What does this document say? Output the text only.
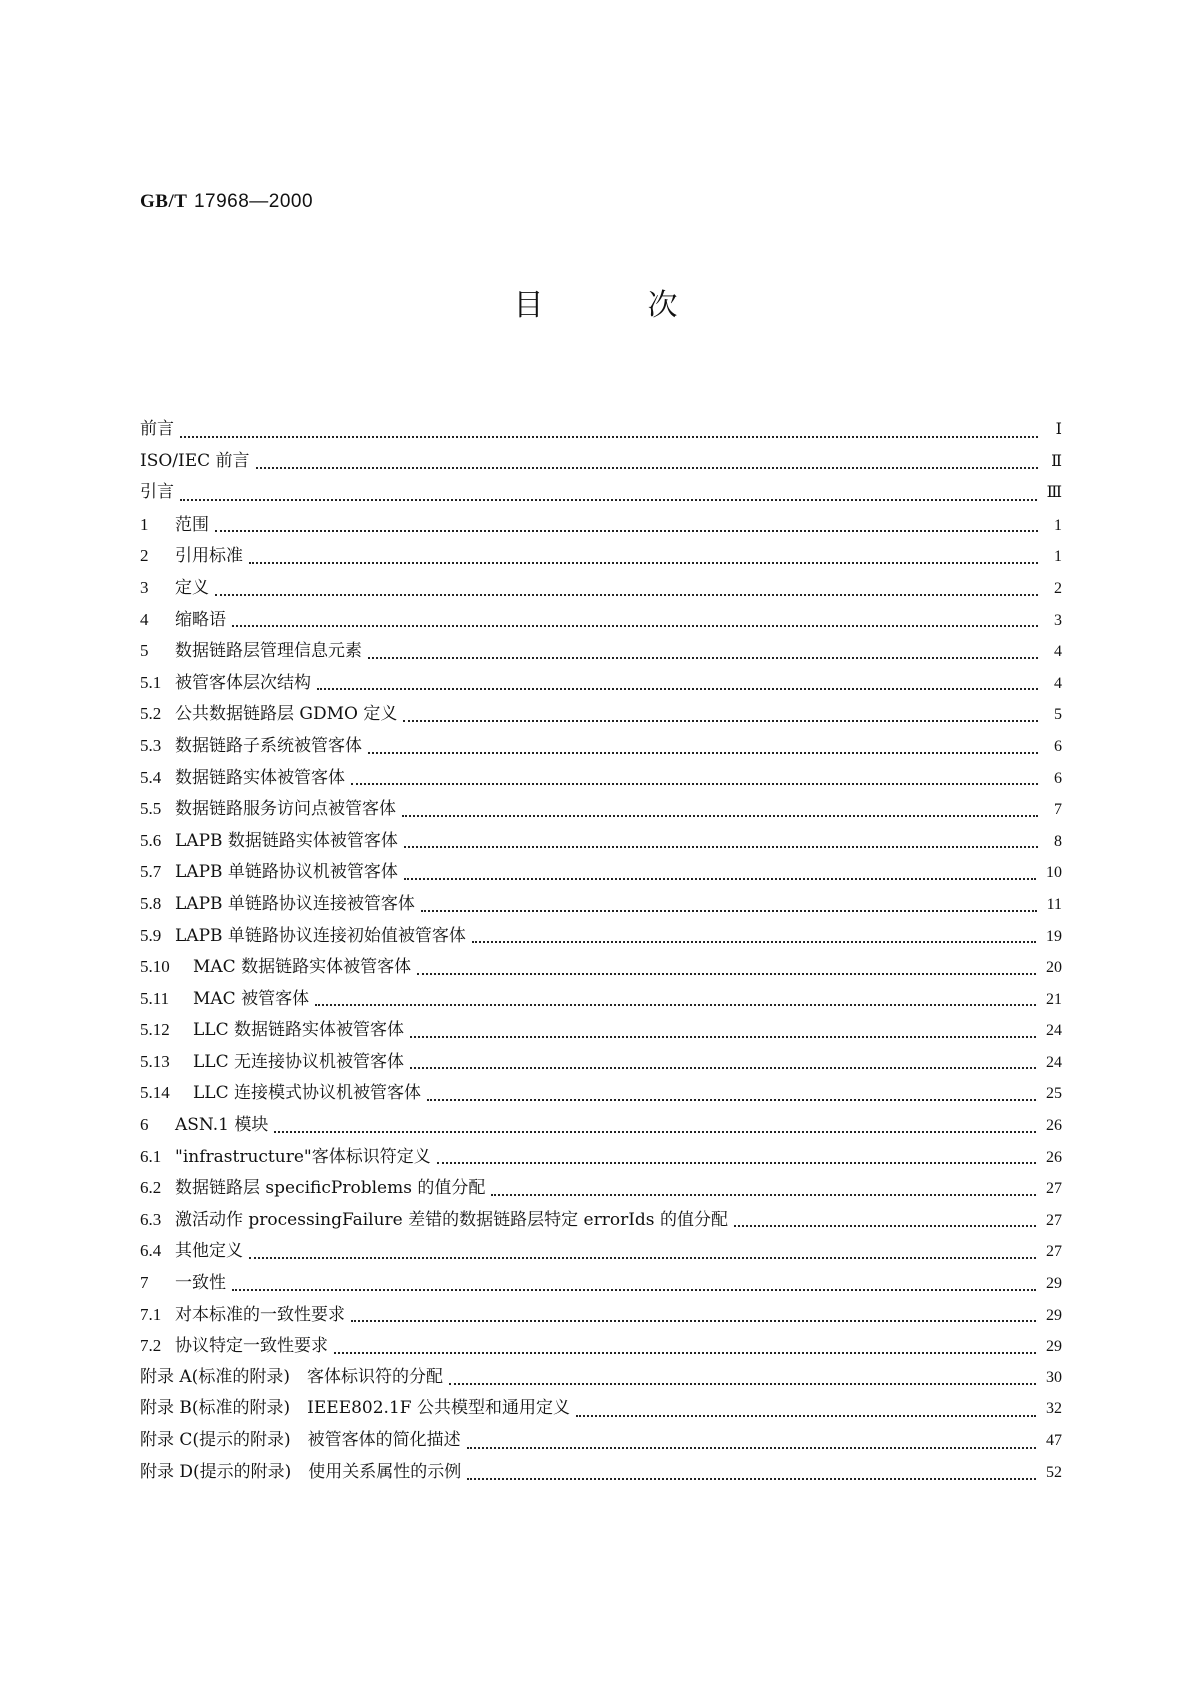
GB/T 17968—2000
目次
前言	Ⅰ
ISO/IEC 前言	Ⅱ
引言	Ⅲ
1	范围	1
2	引用标准	1
3	定义	2
4	缩略语	3
5	数据链路层管理信息元素	4
5.1 被管客体层次结构	4
5.2 公共数据链路层 GDMO 定义	5
5.3 数据链路子系统被管客体	6
5.4 数据链路实体被管客体	6
5.5 数据链路服务访问点被管客体	7
5.6 LAPB 数据链路实体被管客体	8
5.7 LAPB 单链路协议机被管客体	10
5.8 LAPB 单链路协议连接被管客体	11
5.9 LAPB 单链路协议连接初始值被管客体	19
5.10	MAC 数据链路实体被管客体	20
5.11	MAC 被管客体	21
5.12	LLC 数据链路实体被管客体	24
5.13	LLC 无连接协议机被管客体	24
5.14	LLC 连接模式协议机被管客体	25
6	ASN.1 模块	26
6.1 "infrastructure"客体标识符定义	26
6.2 数据链路层 specificProblems 的值分配	27
6.3 激活动作 processingFailure 差错的数据链路层特定 errorIds 的值分配	27
6.4 其他定义	27
7	一致性	29
7.1 对本标准的一致性要求	29
7.2 协议特定一致性要求	29
附录 A(标准的附录)　客体标识符的分配	30
附录 B(标准的附录)　IEEE802.1F 公共模型和通用定义	32
附录 C(提示的附录)　被管客体的简化描述	47
附录 D(提示的附录)　使用关系属性的示例	52
